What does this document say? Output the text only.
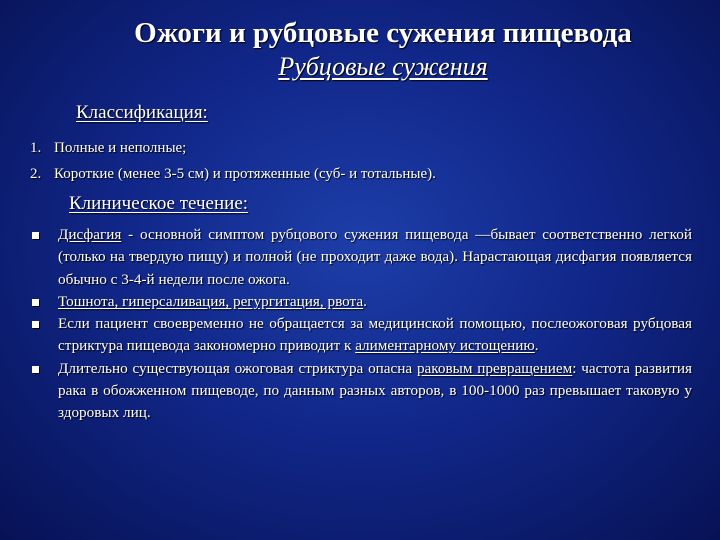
Ожоги и рубцовые сужения пищевода
Рубцовые сужения
Классификация:
1. Полные и неполные;
2. Короткие (менее 3-5 см) и протяженные (суб- и тотальные).
Клиническое течение:
Дисфагия - основной симптом рубцового сужения пищевода —бывает соответственно легкой (только на твердую пищу) и полной (не проходит даже вода). Нарастающая дисфагия появляется обычно с 3-4-й недели после ожога.
Тошнота, гиперсаливация, регургитация, рвота.
Если пациент своевременно не обращается за медицинской помощью, послеожоговая рубцовая стриктура пищевода закономерно приводит к алиментарному истощению.
Длительно существующая ожоговая стриктура опасна раковым превращением: частота развития рака в обожженном пищеводе, по данным разных авторов, в 100-1000 раз превышает таковую у здоровых лиц.
